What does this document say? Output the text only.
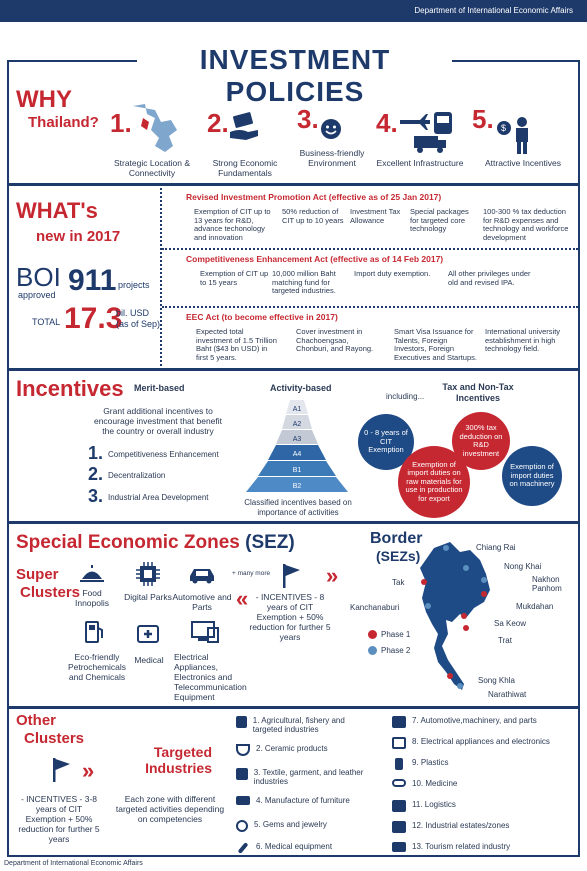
Department of International Economic Affairs
INVESTMENT POLICIES
WHY
Thailand? 1.
Strategic Location & Connectivity
2.
Strong Economic Fundamentals
3.
Business-friendly Environment
4.
Excellent Infrastructure
5. $
Attractive Incentives
WHAT's
new in 2017
BOI
approved 911 projects
TOTAL 17.3
bil. USD (as of Sep)
Revised Investment Promotion Act (effective as of 25 Jan 2017)
Exemption of CIT up to 13 years for R&D, advance techonology and innovation
50% reduction of CIT up to 10 years
Investment Tax Allowance
Special packages for targeted core technology
100-300 % tax deduction for R&D expenses and technology and workforce development
Competitiveness Enhancement Act (effective as of 14 Feb 2017)
Exemption of CIT up to 15 years
10,000 million Baht matching fund for targeted industries.
Import duty exemption.	All other privileges under old and revised IPA.
EEC Act (to become effective in 2017)
Expected total investment of 1.5 Trillion Baht ($43 bn USD) in first 5 years.
Cover investment in Chachoengsao, Chonburi, and Rayong.
Smart Visa Issuance for Talents, Foreign Investors, Foreign Executives and Startups.
International university establishment in high technology field.
Incentives Merit-based
Grant additional incentives to encourage investment that benefit the country or overall industry
1. Competitiveness Enhancement
2. Decentralization
3. Industrial Area Development
Activity-based
A1
A2
A3
A4
B1
B2
Classified incentives based on importance of activities
Tax and Non-Tax Incentives
including...
0 - 8 years of CIT Exemption
300% tax deduction on R&D investment
Exemption of import duties on raw materials for use in production for export
Exemption of import duties on machinery
Special Economic Zones (SEZ)
Super
Clusters Food Innopolis
Digital Parks Automotive and Parts
Eco-friendly Petrochemicals and Chemicals
Medical	Electrical Appliances, Electronics and Telecommunication Equipment
+ many more
«
»
- INCENTIVES - 8 years of CIT Exemption + 50% reduction for further 5 years
Border
(SEZs)
Chiang Rai
Nong Khai
Nakhon Panhom
Tak
Mukdahan
Kanchanaburi
Sa Keow
Trat
Song Khla
Narathiwat
Phase 1
Phase 2
Other
Clusters
»
- INCENTIVES - 3-8 years of CIT Exemption + 50% reduction for further 5 years
Targeted Industries
Each zone with different targeted activities depending on competencies
1. Agricultural, fishery and targeted industries
2. Ceramic products
3. Textile, garment, and leather industries
4. Manufacture of furniture
5. Gems and jewelry
6. Medical equipment
7. Automotive,machinery, and parts
8. Electrical appliances and electronics
9. Plastics
10. Medicine
11. Logistics
12. Industrial estates/zones
13. Tourism related industry
Department of International Economic Affairs
